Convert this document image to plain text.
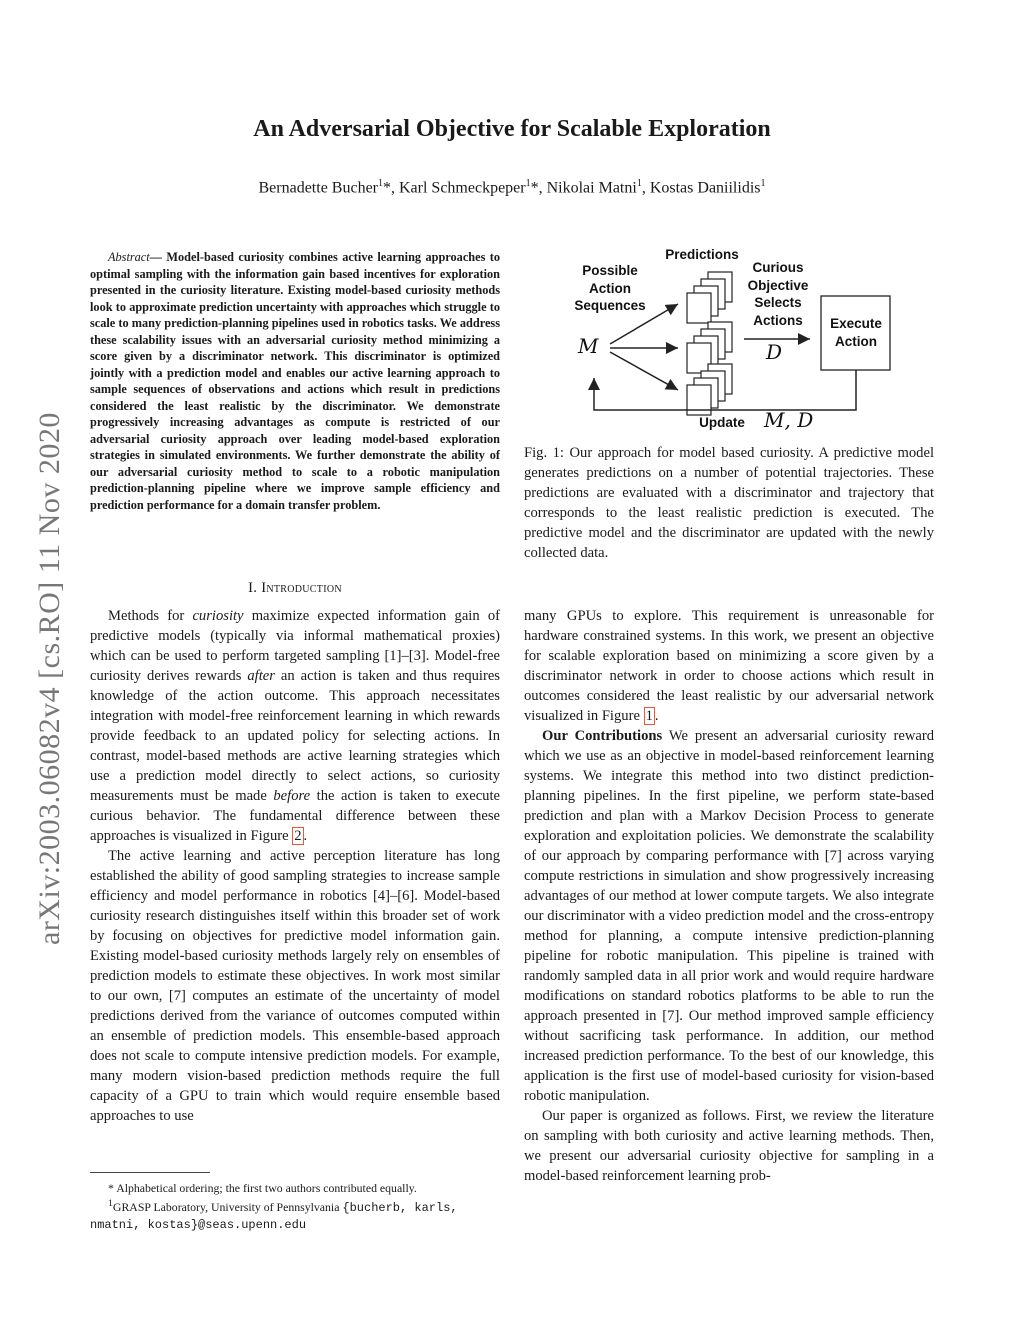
arXiv:2003.06082v4 [cs.RO] 11 Nov 2020
An Adversarial Objective for Scalable Exploration
Bernadette Bucher$^1$*, Karl Schmeckpeper$^1$*, Nikolai Matni$^1$, Kostas Daniilidis$^1$
Abstract— Model-based curiosity combines active learning approaches to optimal sampling with the information gain based incentives for exploration presented in the curiosity literature. Existing model-based curiosity methods look to approximate prediction uncertainty with approaches which struggle to scale to many prediction-planning pipelines used in robotics tasks. We address these scalability issues with an adversarial curiosity method minimizing a score given by a discriminator network. This discriminator is optimized jointly with a prediction model and enables our active learning approach to sample sequences of observations and actions which result in predictions considered the least realistic by the discriminator. We demonstrate progressively increasing advantages as compute is restricted of our adversarial curiosity approach over leading model-based exploration strategies in simulated environments. We further demonstrate the ability of our adversarial curiosity method to scale to a robotic manipulation prediction-planning pipeline where we improve sample efficiency and prediction performance for a domain transfer problem.
I. Introduction

Methods for curiosity maximize expected information gain of predictive models (typically via informal mathematical proxies) which can be used to perform targeted sampling [1]–[3]. Model-free curiosity derives rewards after an action is taken and thus requires knowledge of the action outcome. This approach necessitates integration with model-free reinforcement learning in which rewards provide feedback to an updated policy for selecting actions. In contrast, model-based methods are active learning strategies which use a prediction model directly to select actions, so curiosity measurements must be made before the action is taken to execute curious behavior. The fundamental difference between these approaches is visualized in Figure 2 .

The active learning and active perception literature has long established the ability of good sampling strategies to increase sample efficiency and model performance in robotics [4]–[6]. Model-based curiosity research distinguishes itself within this broader set of work by focusing on objectives for predictive model information gain. Existing model-based curiosity methods largely rely on ensembles of prediction models to estimate these objectives. In work most similar to our own, [7] computes an estimate of the uncertainty of model predictions derived from the variance of outcomes computed within an ensemble of prediction models. This ensemble-based approach does not scale to compute intensive prediction models. For example, many modern vision-based prediction methods require the full capacity of a GPU to train which would require ensemble based approaches to use

* Alphabetical ordering; the first two authors contributed equally.
$^1$GRASP Laboratory, University of Pennsylvania {bucherb, karls, nmatni, kostas}@seas.upenn.edu
Predictions
Possible
Action
Sequences
Curious
Objective
Selects
Actions	Execute
Action
Update
M	D
M, D
Fig. 1: Our approach for model based curiosity. A predictive model generates predictions on a number of potential trajectories. These predictions are evaluated with a discriminator and trajectory that corresponds to the least realistic prediction is executed. The predictive model and the discriminator are updated with the newly collected data.

many GPUs to explore. This requirement is unreasonable for hardware constrained systems. In this work, we present an objective for scalable exploration based on minimizing a score given by a discriminator network in order to choose actions which result in outcomes considered the least realistic by our adversarial network visualized in Figure 1 .

Our Contributions We present an adversarial curiosity reward which we use as an objective in model-based reinforcement learning systems. We integrate this method into two distinct prediction-planning pipelines. In the first pipeline, we perform state-based prediction and plan with a Markov Decision Process to generate exploration and exploitation policies. We demonstrate the scalability of our approach by comparing performance with [7] across varying compute restrictions in simulation and show progressively increasing advantages of our method at lower compute targets. We also integrate our discriminator with a video prediction model and the cross-entropy method for planning, a compute intensive prediction-planning pipeline for robotic manipulation. This pipeline is trained with randomly sampled data in all prior work and would require hardware modifications on standard robotics platforms to be able to run the approach presented in [7]. Our method improved sample efficiency without sacrificing task performance. In addition, our method increased prediction performance. To the best of our knowledge, this application is the first use of model-based curiosity for vision-based robotic manipulation.

Our paper is organized as follows. First, we review the literature on sampling with both curiosity and active learning methods. Then, we present our adversarial curiosity objective for sampling in a model-based reinforcement learning prob-
